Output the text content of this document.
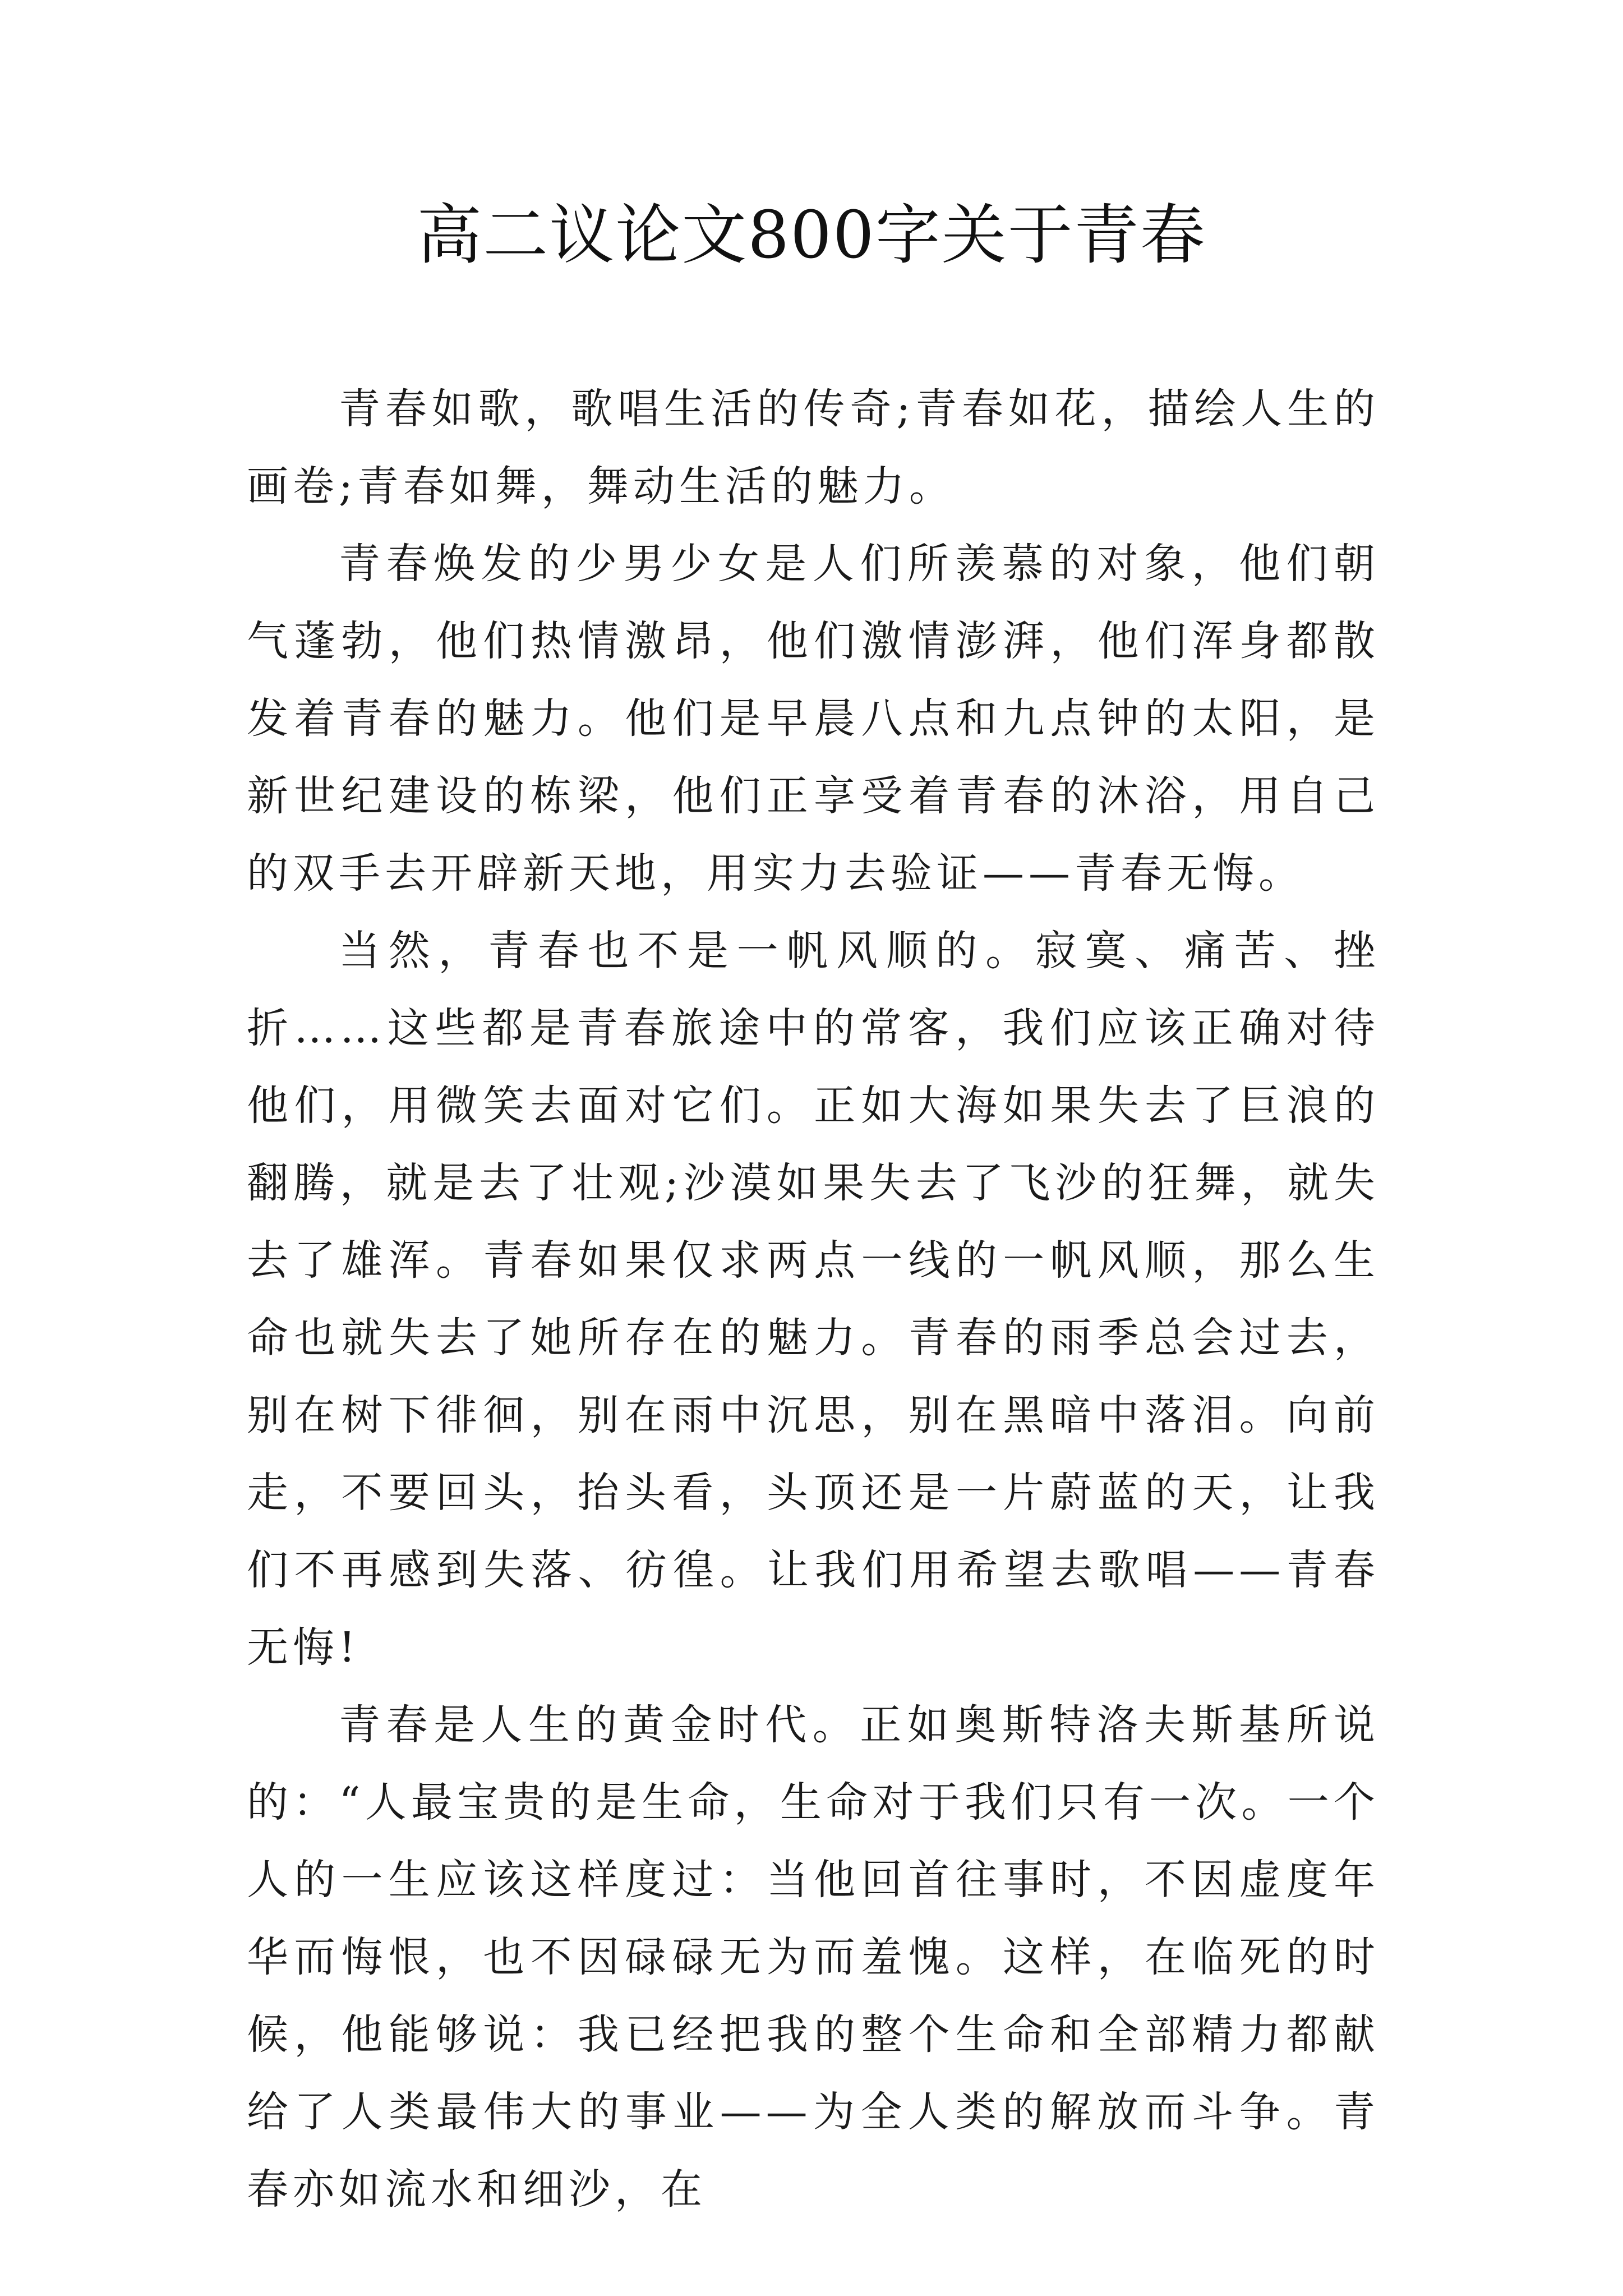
高二议论文800字关于青春

青春如歌，歌唱生活的传奇;青春如花，描绘人生的画卷;青春如舞，舞动生活的魅力。

青春焕发的少男少女是人们所羡慕的对象，他们朝气蓬勃，他们热情激昂，他们激情澎湃，他们浑身都散发着青春的魅力。他们是早晨八点和九点钟的太阳，是新世纪建设的栋梁，他们正享受着青春的沐浴，用自己的双手去开辟新天地，用实力去验证——青春无悔。

当然，青春也不是一帆风顺的。寂寞、痛苦、挫折……这些都是青春旅途中的常客，我们应该正确对待他们，用微笑去面对它们。正如大海如果失去了巨浪的翻腾，就是去了壮观;沙漠如果失去了飞沙的狂舞，就失去了雄浑。青春如果仅求两点一线的一帆风顺，那么生命也就失去了她所存在的魅力。青春的雨季总会过去，别在树下徘徊，别在雨中沉思，别在黑暗中落泪。向前走，不要回头，抬头看，头顶还是一片蔚蓝的天，让我们不再感到失落、彷徨。让我们用希望去歌唱——青春无悔!

青春是人生的黄金时代。正如奥斯特洛夫斯基所说的：“人最宝贵的是生命，生命对于我们只有一次。一个人的一生应该这样度过：当他回首往事时，不因虚度年华而悔恨，也不因碌碌无为而羞愧。这样，在临死的时候，他能够说：我已经把我的整个生命和全部精力都献给了人类最伟大的事业——为全人类的解放而斗争。青春亦如流水和细沙，在
